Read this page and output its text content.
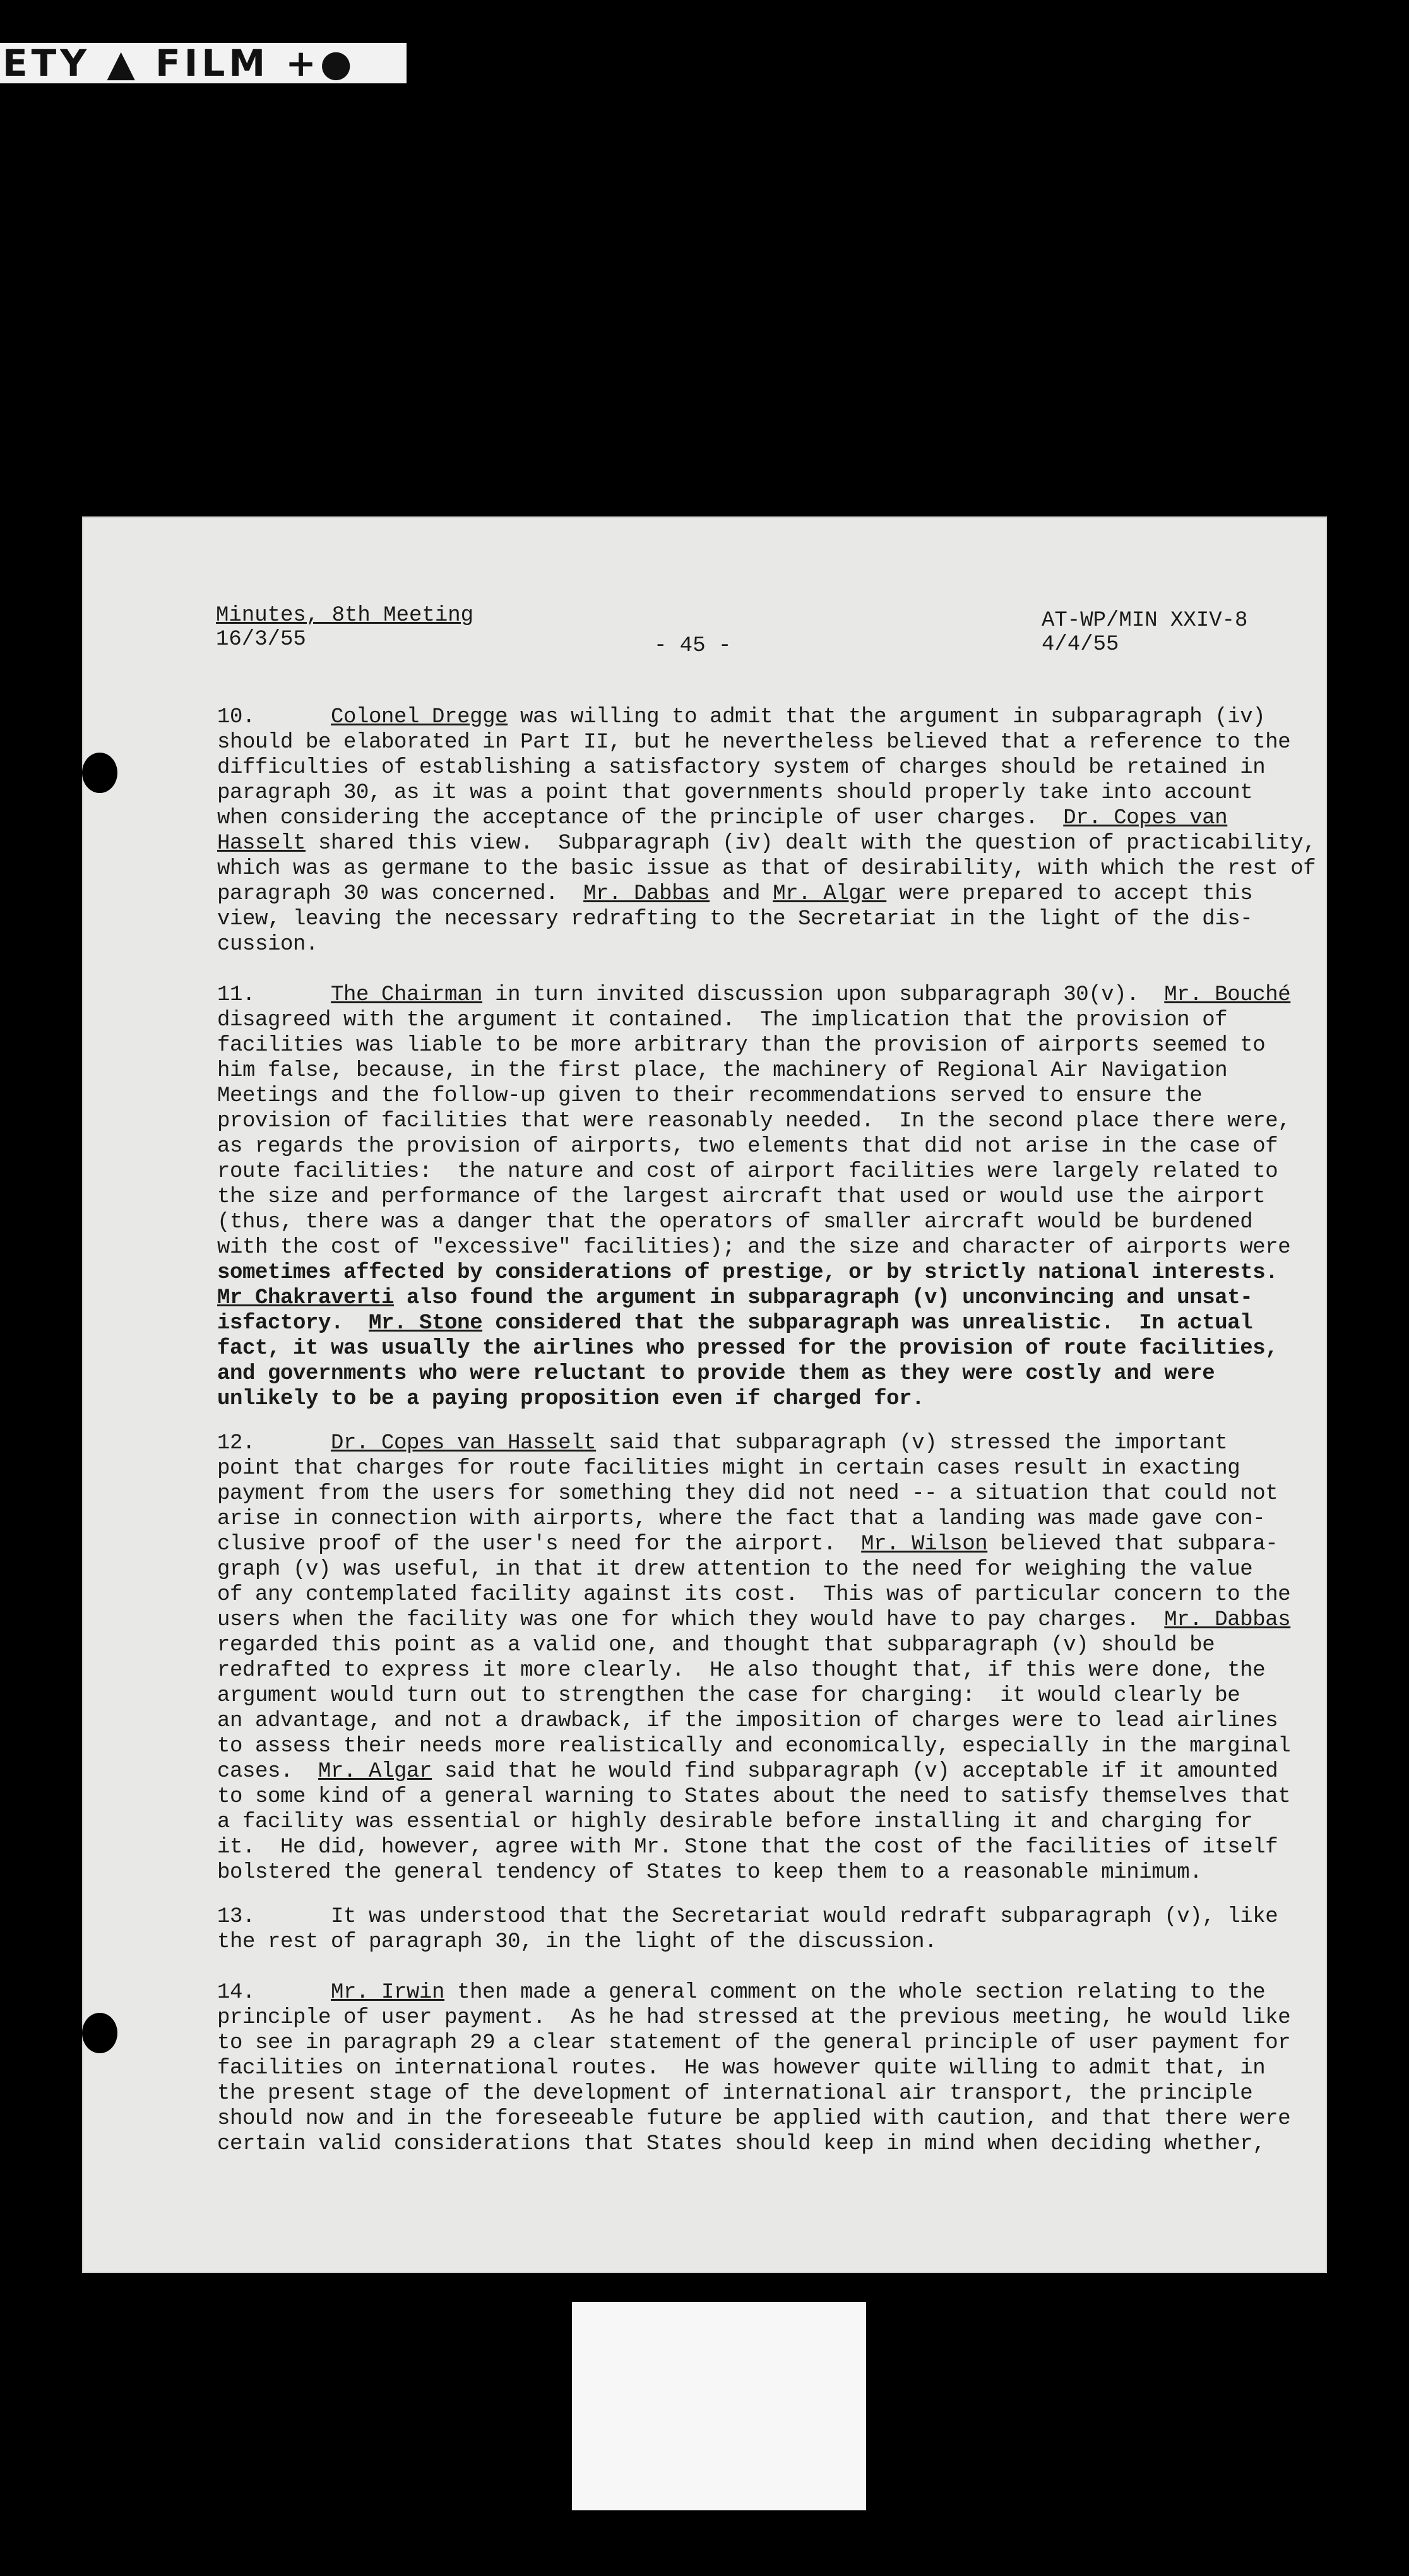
ETY ▲ FILM +●
Minutes, 8th Meeting
16/3/55	- 45 -
AT-WP/MIN XXIV-8
4/4/55
10.      Colonel Dregge was willing to admit that the argument in subparagraph (iv)
should be elaborated in Part II, but he nevertheless believed that a reference to the
difficulties of establishing a satisfactory system of charges should be retained in
paragraph 30, as it was a point that governments should properly take into account
when considering the acceptance of the principle of user charges.  Dr. Copes van
Hasselt shared this view.  Subparagraph (iv) dealt with the question of practicability,
which was as germane to the basic issue as that of desirability, with which the rest of
paragraph 30 was concerned.  Mr. Dabbas and Mr. Algar were prepared to accept this
view, leaving the necessary redrafting to the Secretariat in the light of the dis-
cussion.
11.      The Chairman in turn invited discussion upon subparagraph 30(v).  Mr. Bouché
disagreed with the argument it contained.  The implication that the provision of
facilities was liable to be more arbitrary than the provision of airports seemed to
him false, because, in the first place, the machinery of Regional Air Navigation
Meetings and the follow-up given to their recommendations served to ensure the
provision of facilities that were reasonably needed.  In the second place there were,
as regards the provision of airports, two elements that did not arise in the case of
route facilities:  the nature and cost of airport facilities were largely related to
the size and performance of the largest aircraft that used or would use the airport
(thus, there was a danger that the operators of smaller aircraft would be burdened
with the cost of "excessive" facilities); and the size and character of airports were
sometimes affected by considerations of prestige, or by strictly national interests.
Mr Chakraverti also found the argument in subparagraph (v) unconvincing and unsat-
isfactory.  Mr. Stone considered that the subparagraph was unrealistic.  In actual
fact, it was usually the airlines who pressed for the provision of route facilities,
and governments who were reluctant to provide them as they were costly and were
unlikely to be a paying proposition even if charged for.
12.      Dr. Copes van Hasselt said that subparagraph (v) stressed the important
point that charges for route facilities might in certain cases result in exacting
payment from the users for something they did not need -- a situation that could not
arise in connection with airports, where the fact that a landing was made gave con-
clusive proof of the user's need for the airport.  Mr. Wilson believed that subpara-
graph (v) was useful, in that it drew attention to the need for weighing the value
of any contemplated facility against its cost.  This was of particular concern to the
users when the facility was one for which they would have to pay charges.  Mr. Dabbas
regarded this point as a valid one, and thought that subparagraph (v) should be
redrafted to express it more clearly.  He also thought that, if this were done, the
argument would turn out to strengthen the case for charging:  it would clearly be
an advantage, and not a drawback, if the imposition of charges were to lead airlines
to assess their needs more realistically and economically, especially in the marginal
cases.  Mr. Algar said that he would find subparagraph (v) acceptable if it amounted
to some kind of a general warning to States about the need to satisfy themselves that
a facility was essential or highly desirable before installing it and charging for
it.  He did, however, agree with Mr. Stone that the cost of the facilities of itself
bolstered the general tendency of States to keep them to a reasonable minimum.
13.      It was understood that the Secretariat would redraft subparagraph (v), like
the rest of paragraph 30, in the light of the discussion.
14.      Mr. Irwin then made a general comment on the whole section relating to the
principle of user payment.  As he had stressed at the previous meeting, he would like
to see in paragraph 29 a clear statement of the general principle of user payment for
facilities on international routes.  He was however quite willing to admit that, in
the present stage of the development of international air transport, the principle
should now and in the foreseeable future be applied with caution, and that there were
certain valid considerations that States should keep in mind when deciding whether,
